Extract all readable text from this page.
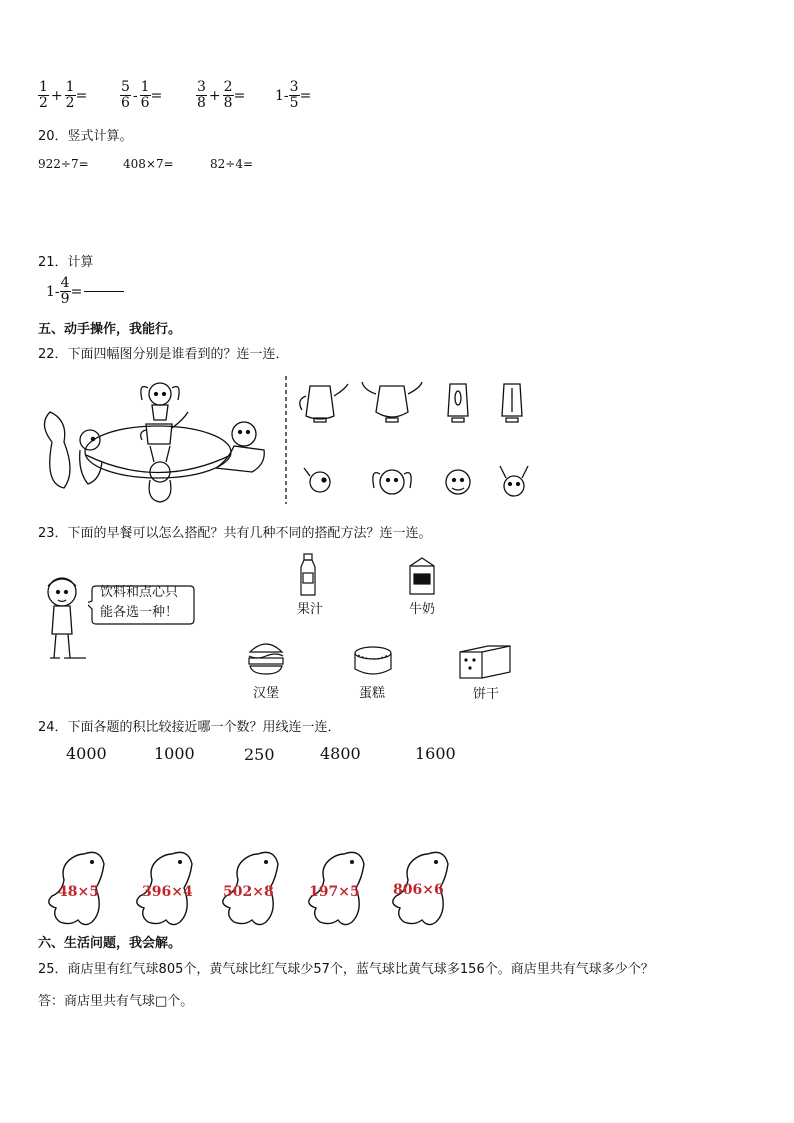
$\frac{1}{2} + \frac{1}{2} = \frac{5}{6} - \frac{1}{6} = \frac{3}{8} + \frac{2}{8} = 1- \frac{3}{5}$ =
20．竖式计算。
922÷7=	408×7=	82÷4=
21．计算
$1- \frac{4}{9}$ =
五、动手操作，我能行。
22．下面四幅图分别是谁看到的？连一连．
23．下面的早餐可以怎么搭配？共有几种不同的搭配方法？连一连。
饮料和点心只
能各选一种！	果汁	牛奶
汉堡	蛋糕	饼干
24．下面各题的积比较接近哪一个数？用线连一连．
4000	1000	250	4800	1600
48×5	396×4 502×8	197×5 806×6
六、生活问题，我会解。
25．商店里有红气球805个，黄气球比红气球少57个，蓝气球比黄气球多156个。商店里共有气球多少个？
答：商店里共有气球□个。
